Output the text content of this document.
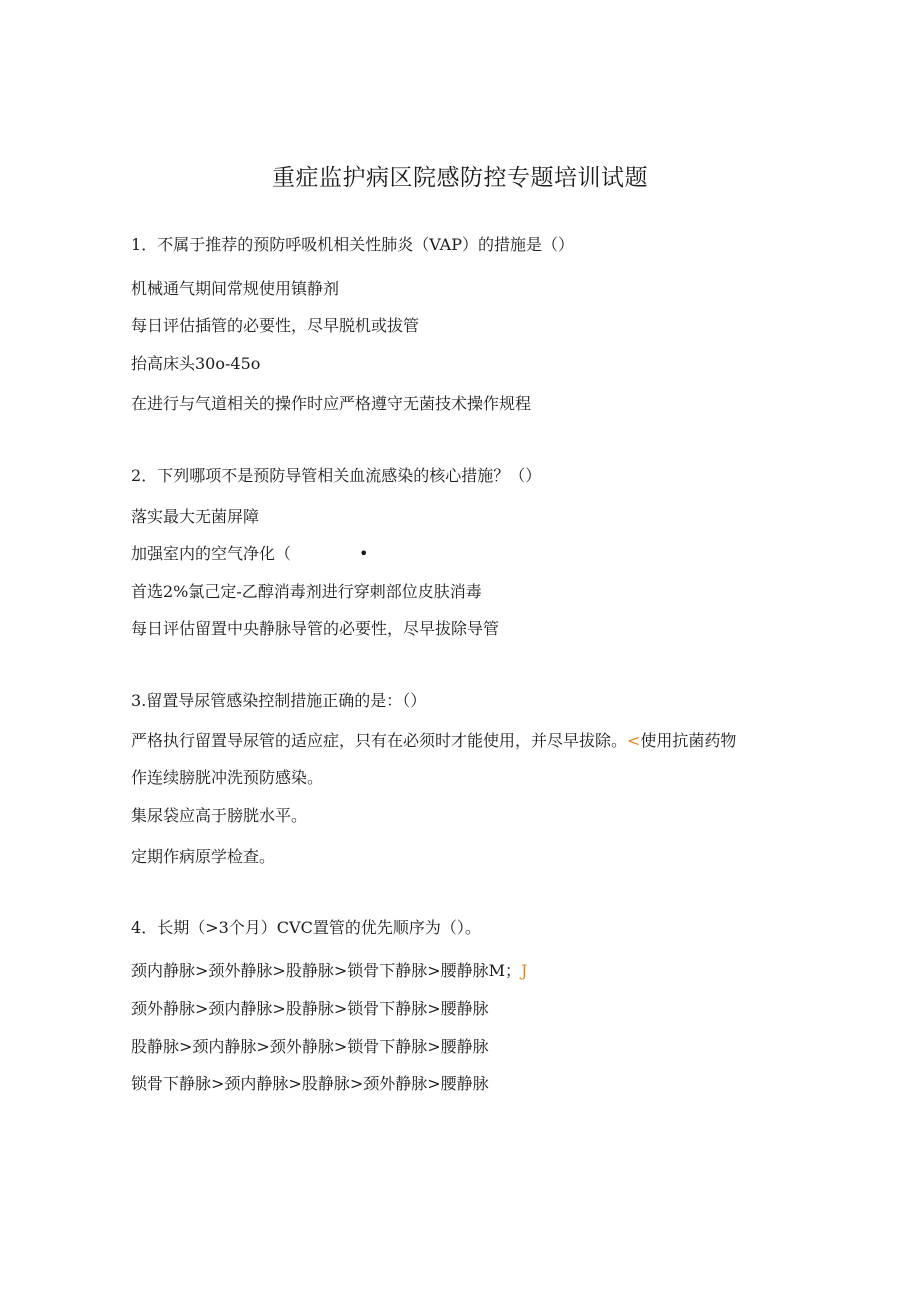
重症监护病区院感防控专题培训试题
1．不属于推荐的预防呼吸机相关性肺炎（VAP）的措施是（）
机械通气期间常规使用镇静剂
每日评估插管的必要性，尽早脱机或拔管
抬高床头30o-45o
在进行与气道相关的操作时应严格遵守无菌技术操作规程
2．下列哪项不是预防导管相关血流感染的核心措施？（）
落实最大无菌屏障
加强室内的空气净化（	•
首选2%氯己定-乙醇消毒剂进行穿刺部位皮肤消毒
每日评估留置中央静脉导管的必要性，尽早拔除导管
3.留置导尿管感染控制措施正确的是：（）
严格执行留置导尿管的适应症，只有在必须时才能使用，并尽早拔除。<使用抗菌药物
作连续膀胱冲洗预防感染。
集尿袋应高于膀胱水平。
定期作病原学检查。
4．长期（>3个月）CVC置管的优先顺序为（）。
颈内静脉>颈外静脉>股静脉>锁骨下静脉>腰静脉M；J
颈外静脉>颈内静脉>股静脉>锁骨下静脉>腰静脉
股静脉>颈内静脉>颈外静脉>锁骨下静脉>腰静脉
锁骨下静脉>颈内静脉>股静脉>颈外静脉>腰静脉
